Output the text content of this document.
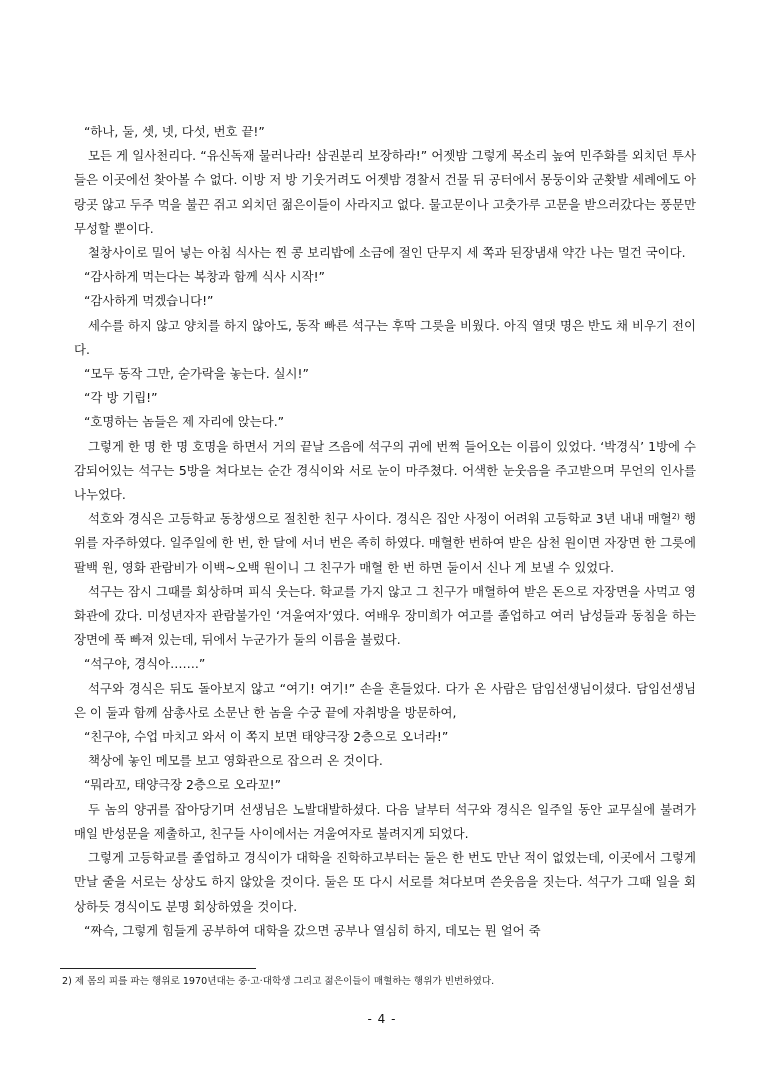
“하나, 둘, 셋, 넷, 다섯, 번호 끝!”

모든 게 일사천리다. “유신독재 물러나라! 삼권분리 보장하라!” 어젯밤 그렇게 목소리 높여 민주화를 외치던 투사들은 이곳에선 찾아볼 수 없다. 이방 저 방 기웃거려도 어젯밤 경찰서 건물 뒤 공터에서 몽둥이와 군홧발 세례에도 아랑곳 않고 두주 먹을 불끈 쥐고 외치던 젊은이들이 사라지고 없다. 물고문이나 고춧가루 고문을 받으러갔다는 풍문만 무성할 뿐이다.

철창사이로 밀어 넣는 아침 식사는 찐 콩 보리밥에 소금에 절인 단무지 세 쪽과 된장냄새 약간 나는 멀건 국이다.

“감사하게 먹는다는 복창과 함께 식사 시작!”

“감사하게 먹겠습니다!”

세수를 하지 않고 양치를 하지 않아도, 동작 빠른 석구는 후딱 그릇을 비웠다. 아직 열댓 명은 반도 채 비우기 전이다.

“모두 동작 그만, 숟가락을 놓는다. 실시!”

“각 방 기립!”

“호명하는 놈들은 제 자리에 앉는다.”

그렇게 한 명 한 명 호명을 하면서 거의 끝날 즈음에 석구의 귀에 번쩍 들어오는 이름이 있었다. ‘박경식’ 1방에 수감되어있는 석구는 5방을 쳐다보는 순간 경식이와 서로 눈이 마주쳤다. 어색한 눈웃음을 주고받으며 무언의 인사를 나누었다.

석호와 경식은 고등학교 동창생으로 절친한 친구 사이다. 경식은 집안 사정이 어려워 고등학교 3년 내내 매혈$^{2)}$ 행위를 자주하였다. 일주일에 한 번, 한 달에 서너 번은 족히 하였다. 매혈한 번하여 받은 삼천 원이면 자장면 한 그릇에 팔백 원, 영화 관람비가 이백~오백 원이니 그 친구가 매혈 한 번 하면 둘이서 신나 게 보낼 수 있었다.

석구는 잠시 그때를 회상하며 피식 웃는다. 학교를 가지 않고 그 친구가 매혈하여 받은 돈으로 자장면을 사먹고 영화관에 갔다. 미성년자자 관람불가인 ‘겨울여자’였다. 여배우 장미희가 여고를 졸업하고 여러 남성들과 동침을 하는 장면에 푹 빠져 있는데, 뒤에서 누군가가 둘의 이름을 불렀다.

“석구야, 경식아…….”

석구와 경식은 뒤도 돌아보지 않고 “여기! 여기!” 손을 흔들었다. 다가 온 사람은 담임선생님이셨다. 담임선생님은 이 둘과 함께 삼총사로 소문난 한 놈을 수궁 끝에 자취방을 방문하여,

“친구야, 수업 마치고 와서 이 쪽지 보면 태양극장 2층으로 오너라!”

책상에 놓인 메모를 보고 영화관으로 잡으러 온 것이다.

“뭐라꼬, 태양극장 2층으로 오라꼬!”

두 놈의 양귀를 잡아당기며 선생님은 노발대발하셨다. 다음 날부터 석구와 경식은 일주일 동안 교무실에 불려가 매일 반성문을 제출하고, 친구들 사이에서는 겨울여자로 불려지게 되었다.

그렇게 고등학교를 졸업하고 경식이가 대학을 진학하고부터는 둘은 한 번도 만난 적이 없었는데, 이곳에서 그렇게 만날 줄을 서로는 상상도 하지 않았을 것이다. 둘은 또 다시 서로를 쳐다보며 쓴웃음을 짓는다. 석구가 그때 일을 회상하듯 경식이도 분명 회상하였을 것이다.

“짜슥, 그렇게 힘들게 공부하여 대학을 갔으면 공부나 열심히 하지, 데모는 뭔 얼어 죽

2) 제 몸의 피를 파는 행위로 1970년대는 중·고·대학생 그리고 젊은이들이 매혈하는 행위가 빈번하였다.
- 4 -
